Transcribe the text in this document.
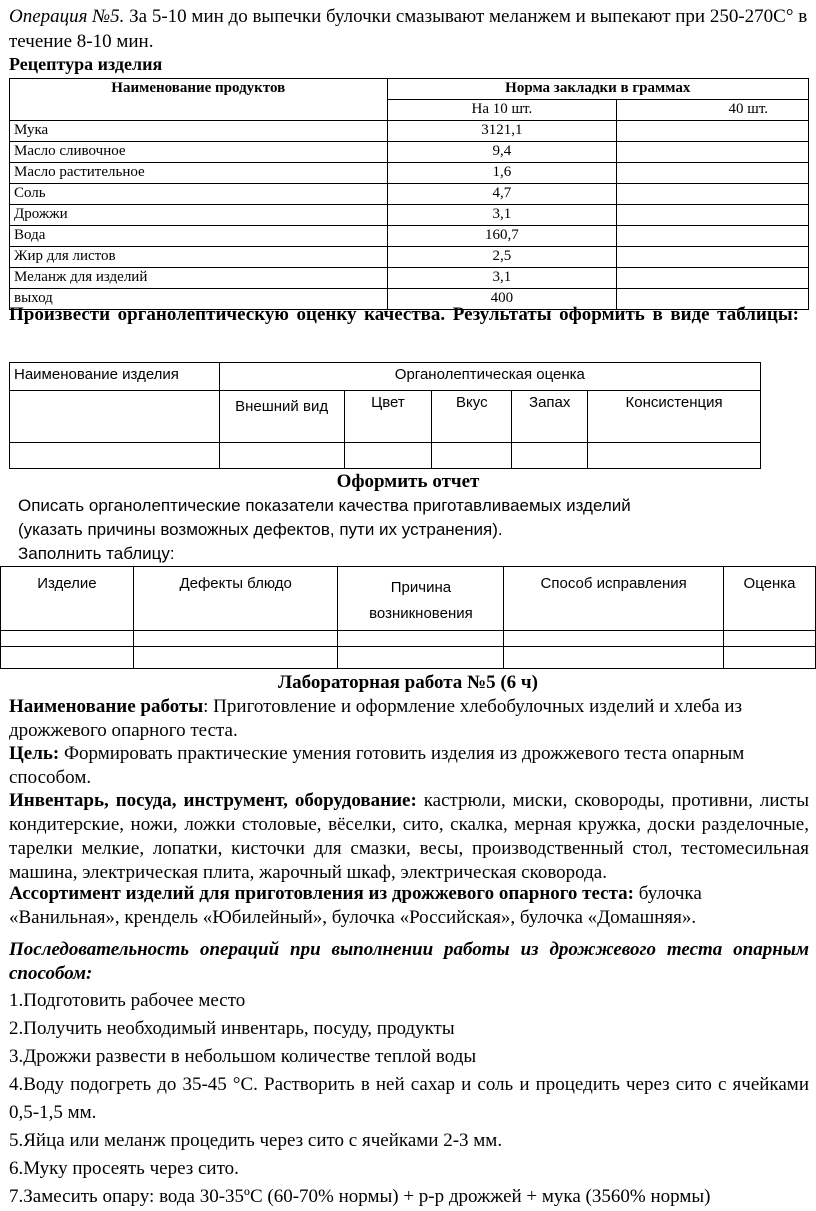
Операция №5. За 5-10 мин до выпечки булочки смазывают меланжем и выпекают при 250-270С° в течение 8-10 мин.
Рецептура изделия
Наименование продуктов	Норма закладки в граммах	
	На 10 шт.	40 шт.
Мука	3121,1	
Масло сливочное	9,4	
Масло растительное	1,6	
Соль	4,7	
Дрожжи	3,1	
Вода	160,7	
Жир для листов	2,5	
Меланж для изделий	3,1	
выход	400	
Произвести органолептическую оценку качества. Результаты оформить в виде таблицы:
Наименование изделия	Органолептическая оценка				
	Внешний вид	Цвет	Вкус	Запах	Консистенция

Оформить отчет
Описать органолептические показатели качества приготавливаемых изделий
(указать причины возможных дефектов, пути их устранения).
Заполнить таблицу:
Изделие	Дефекты блюдо	Причина возникновения	Способ исправления	Оценка

Лабораторная работа №5 (6 ч)
Наименование работы: Приготовление и оформление хлебобулочных изделий и хлеба из дрожжевого опарного теста.
Цель: Формировать практические умения готовить изделия из дрожжевого теста опарным способом.
Инвентарь, посуда, инструмент, оборудование: кастрюли, миски, сковороды, противни, листы кондитерские, ножи, ложки столовые, вёселки, сито, скалка, мерная кружка, доски разделочные, тарелки мелкие, лопатки, кисточки для смазки, весы, производственный стол, тестомесильная машина, электрическая плита, жарочный шкаф, электрическая сковорода.
Ассортимент изделий для приготовления из дрожжевого опарного теста: булочка «Ванильная», крендель «Юбилейный», булочка «Российская», булочка «Домашняя».
Последовательность операций при выполнении работы из дрожжевого теста опарным способом:
1.Подготовить рабочее место
2.Получить необходимый инвентарь, посуду, продукты
3.Дрожжи развести в небольшом количестве теплой воды
4.Воду подогреть до 35-45 °С. Растворить в ней сахар и соль и процедить через сито с ячейками 0,5-1,5 мм.
5.Яйца или меланж процедить через сито с ячейками 2-3 мм.
6.Муку просеять через сито.
7.Замесить опару: вода 30-35ºС (60-70% нормы) + р-р дрожжей + мука (3560% нормы)
